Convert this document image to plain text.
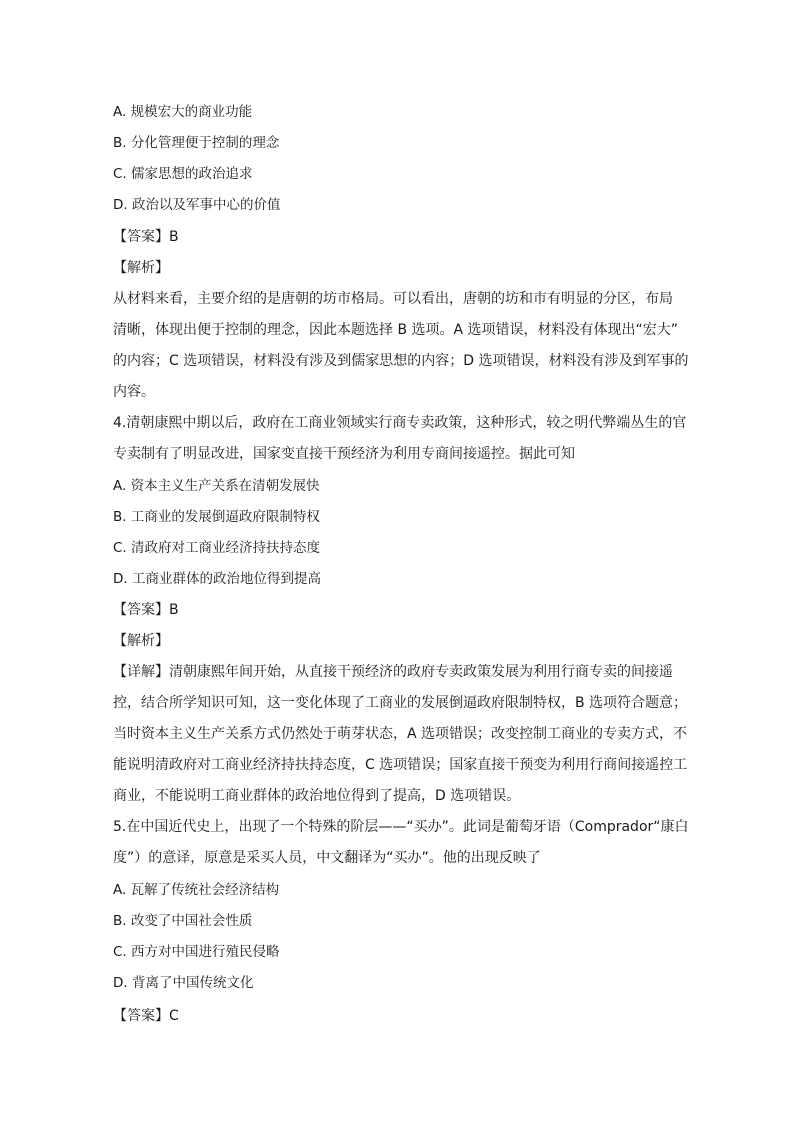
A. 规模宏大的商业功能
B. 分化管理便于控制的理念
C. 儒家思想的政治追求
D. 政治以及军事中心的价值
【答案】B
【解析】
从材料来看，主要介绍的是唐朝的坊市格局。可以看出，唐朝的坊和市有明显的分区，布局
清晰，体现出便于控制的理念，因此本题选择 B 选项。A 选项错误，材料没有体现出“宏大”
的内容；C 选项错误，材料没有涉及到儒家思想的内容；D 选项错误，材料没有涉及到军事的
内容。
4.清朝康熙中期以后，政府在工商业领域实行商专卖政策，这种形式，较之明代弊端丛生的官
专卖制有了明显改进，国家变直接干预经济为利用专商间接遥控。据此可知
A. 资本主义生产关系在清朝发展快
B. 工商业的发展倒逼政府限制特权
C. 清政府对工商业经济持扶持态度
D. 工商业群体的政治地位得到提高
【答案】B
【解析】
【详解】清朝康熙年间开始，从直接干预经济的政府专卖政策发展为利用行商专卖的间接遥
控，结合所学知识可知，这一变化体现了工商业的发展倒逼政府限制特权，B 选项符合题意；
当时资本主义生产关系方式仍然处于萌芽状态，A 选项错误；改变控制工商业的专卖方式，不
能说明清政府对工商业经济持扶持态度，C 选项错误；国家直接干预变为利用行商间接遥控工
商业，不能说明工商业群体的政治地位得到了提高，D 选项错误。
5.在中国近代史上，出现了一个特殊的阶层——“买办”。此词是葡萄牙语（Comprador“康白
度”）的意译，原意是采买人员，中文翻译为“买办”。他的出现反映了
A. 瓦解了传统社会经济结构
B. 改变了中国社会性质
C. 西方对中国进行殖民侵略
D. 背离了中国传统文化
【答案】C
